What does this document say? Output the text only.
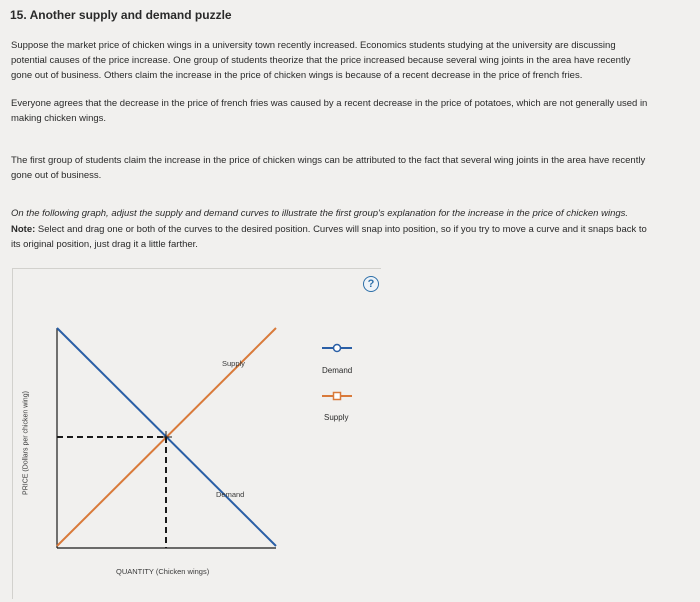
15. Another supply and demand puzzle

Suppose the market price of chicken wings in a university town recently increased. Economics students studying at the university are discussing potential causes of the price increase. One group of students theorize that the price increased because several wing joints in the area have recently gone out of business. Others claim the increase in the price of chicken wings is because of a recent decrease in the price of french fries.

Everyone agrees that the decrease in the price of french fries was caused by a recent decrease in the price of potatoes, which are not generally used in making chicken wings.

The first group of students claim the increase in the price of chicken wings can be attributed to the fact that several wing joints in the area have recently gone out of business.

On the following graph, adjust the supply and demand curves to illustrate the first group's explanation for the increase in the price of chicken wings.

Note: Select and drag one or both of the curves to the desired position. Curves will snap into position, so if you try to move a curve and it snaps back to its original position, just drag it a little farther.

?
PRICE (Dollars per chicken wing)
QUANTITY (Chicken wings)
Supply
Demand
Demand
Supply
